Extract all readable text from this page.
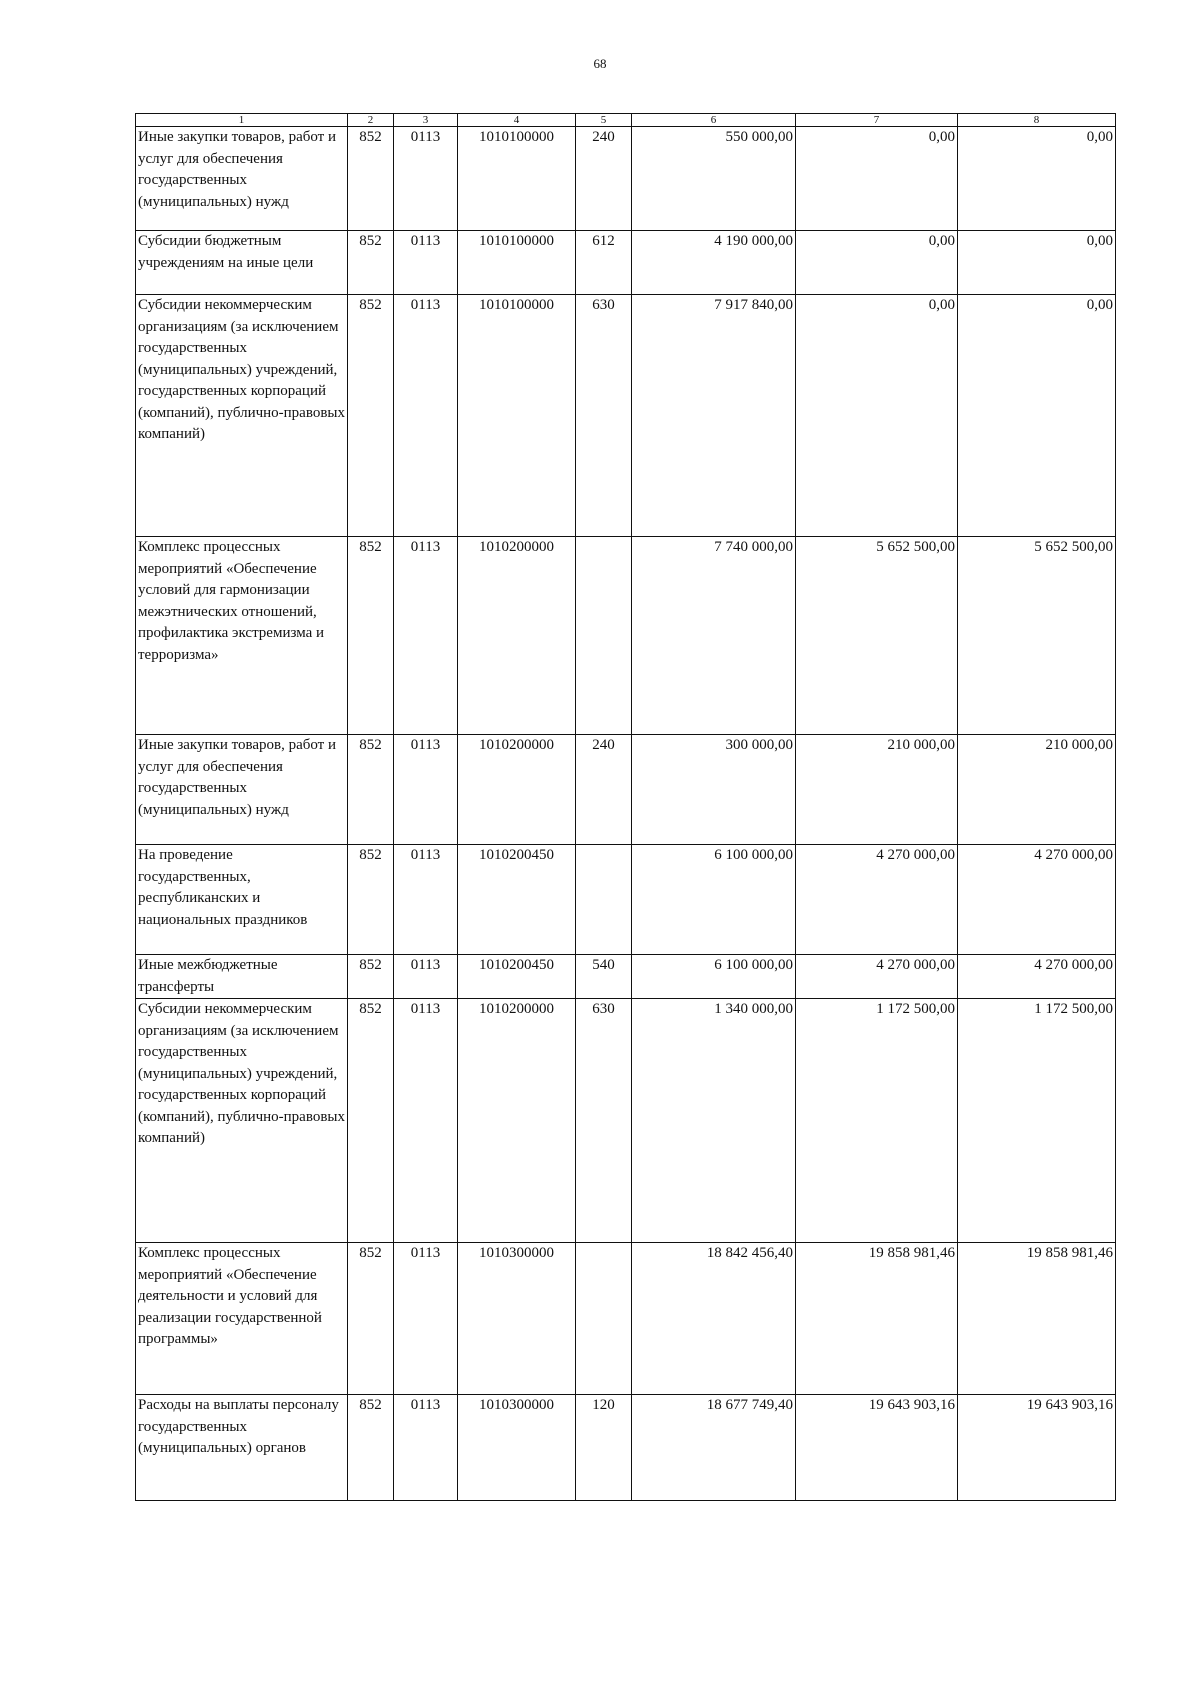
68
1	2	3	4	5	6	7	8
Иные закупки товаров, работ и услуг для обеспечения государственных (муниципальных) нужд	852	0113	1010100000	240	550 000,00	0,00	0,00
Субсидии бюджетным учреждениям на иные цели	852	0113	1010100000	612	4 190 000,00	0,00	0,00
Субсидии некоммерческим организациям (за исключением государственных (муниципальных) учреждений, государственных корпораций (компаний), публично-правовых компаний)	852	0113	1010100000	630	7 917 840,00	0,00	0,00
Комплекс процессных мероприятий «Обеспечение условий для гармонизации межэтнических отношений, профилактика экстремизма и терроризма»	852	0113	1010200000		7 740 000,00	5 652 500,00	5 652 500,00
Иные закупки товаров, работ и услуг для обеспечения государственных (муниципальных) нужд	852	0113	1010200000	240	300 000,00	210 000,00	210 000,00
На проведение государственных, республиканских и национальных праздников	852	0113	1010200450		6 100 000,00	4 270 000,00	4 270 000,00
Иные межбюджетные трансферты	852	0113	1010200450	540	6 100 000,00	4 270 000,00	4 270 000,00
Субсидии некоммерческим организациям (за исключением государственных (муниципальных) учреждений, государственных корпораций (компаний), публично-правовых компаний)	852	0113	1010200000	630	1 340 000,00	1 172 500,00	1 172 500,00
Комплекс процессных мероприятий «Обеспечение деятельности и условий для реализации государственной программы»	852	0113	1010300000		18 842 456,40	19 858 981,46	19 858 981,46
Расходы на выплаты персоналу государственных (муниципальных) органов	852	0113	1010300000	120	18 677 749,40	19 643 903,16	19 643 903,16
